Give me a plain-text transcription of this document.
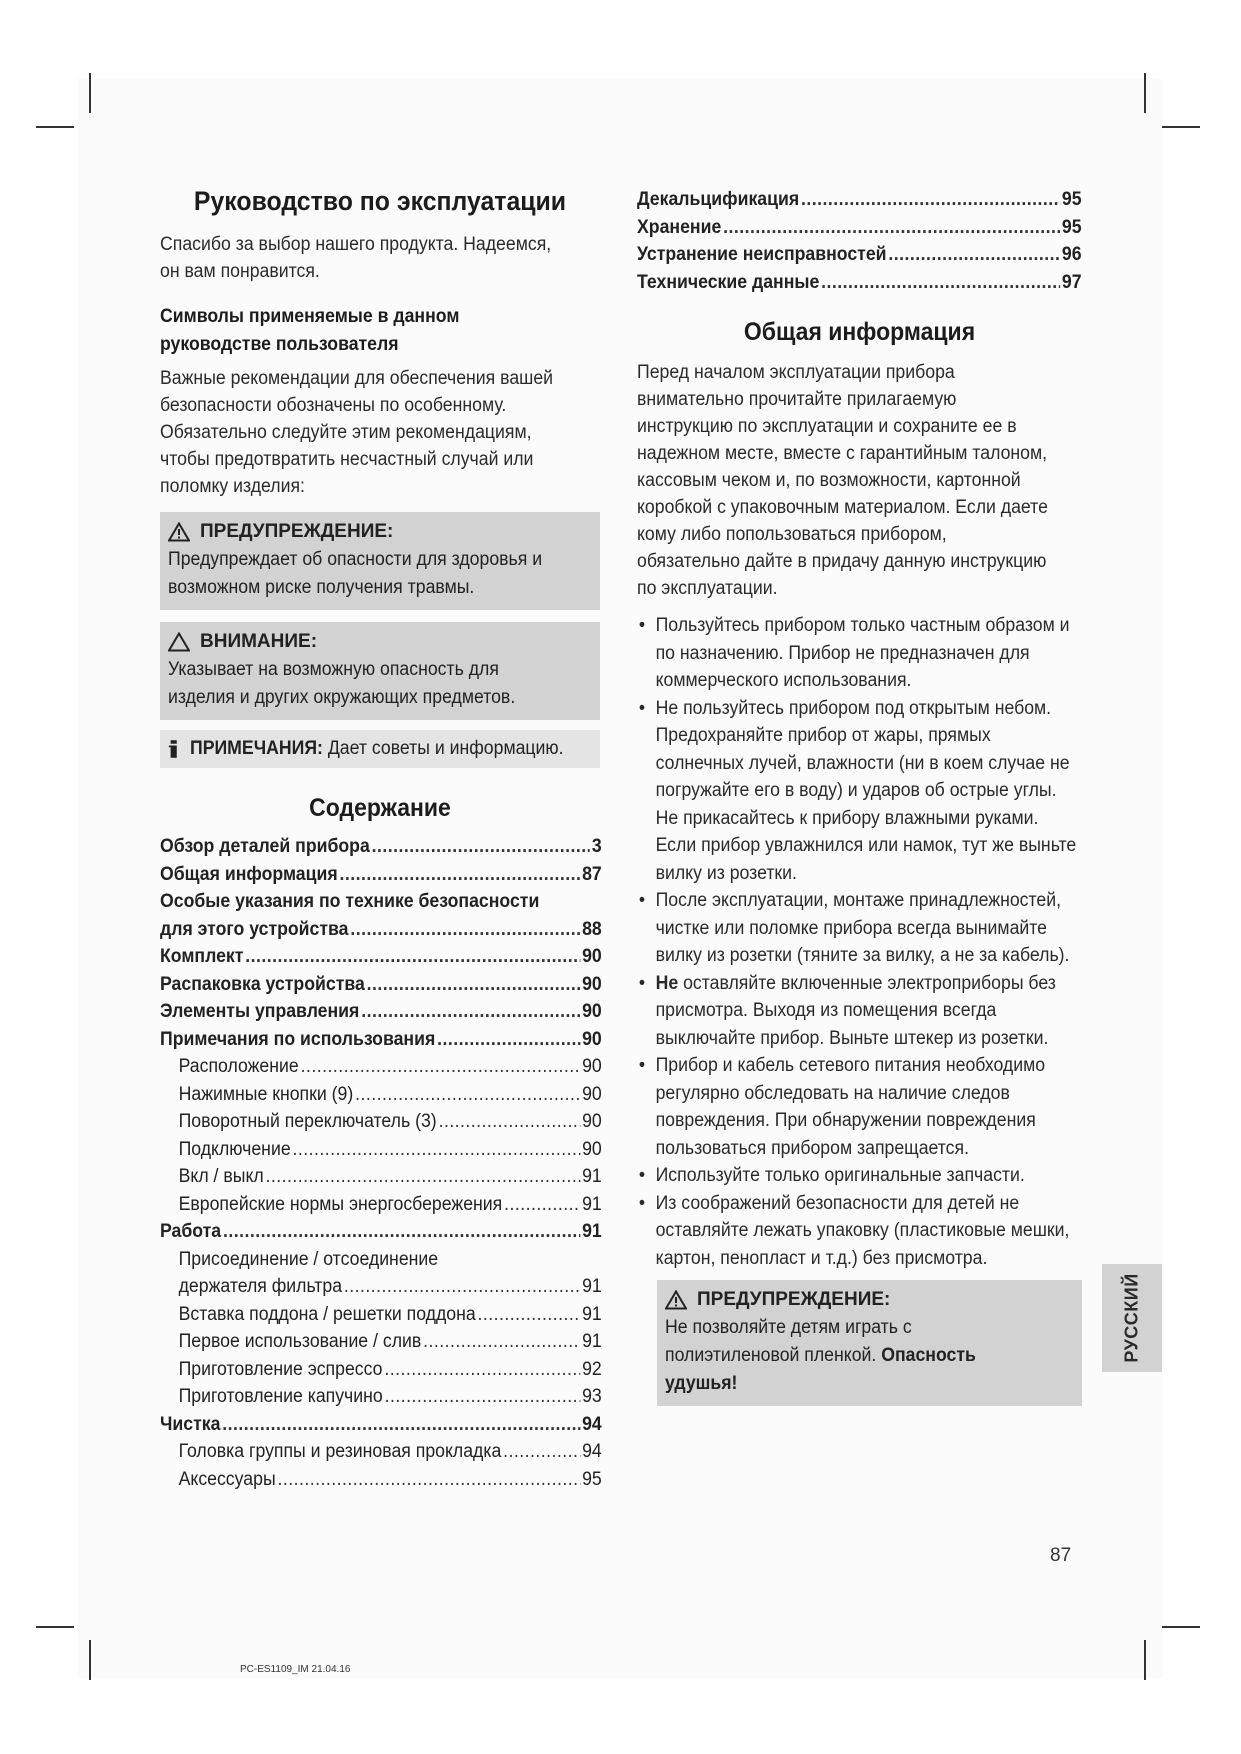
Руководство по эксплуатации

Спасибо за выбор нашего продукта. Надеемся, он вам понравится.

Символы применяемые в данном руководстве пользователя

Важные рекомендации для обеспечения вашей безопасности обозначены по особенному. Обязательно следуйте этим рекомендациям, чтобы предотвратить несчастный случай или поломку изделия:

ПРЕДУПРЕЖДЕНИЕ:
Предупреждает об опасности для здоровья и возможном риске получения травмы.
ВНИМАНИЕ:
Указывает на возможную опасность для изделия и других окружающих предметов.
ПРИМЕЧАНИЯ: Дает советы и информацию.
Содержание
Обзор деталей прибора .....	3
Общая информация .....	87
Особые указания по технике безопасности
для этого устройства .....	88
Комплект .....	90
Распаковка устройства .....	90
Элементы управления .....	90
Примечания по использования .....	90
Расположение .....	90
Нажимные кнопки (9) .....	90
Поворотный переключатель (3) .....	90
Подключение .....	90
Вкл / выкл .....	91
Европейские нормы энергосбережения .....	91
Работа .....	91
Присоединение / отсоединение
держателя фильтра .....	91
Вставка поддона / решетки поддона .....	91
Первое использование / слив .....	91
Приготовление эспрессо .....	92
Приготовление капучино .....	93
Чистка .....	94
Головка группы и резиновая прокладка .....	94
Аксессуары .....	95
Декальцификация .....	95
Хранение .....	95
Устранение неисправностей .....	96
Технические данные .....	97
Общая информация

Перед началом эксплуатации прибора внимательно прочитайте прилагаемую инструкцию по эксплуатации и сохраните ее в надежном месте, вместе с гарантийным талоном, кассовым чеком и, по возможности, картонной коробкой с упаковочным материалом. Если даете кому либо попользоваться прибором, обязательно дайте в придачу данную инструкцию по эксплуатации.

• Пользуйтесь прибором только частным образом и по назначению. Прибор не предназначен для коммерческого использования.
• Не пользуйтесь прибором под открытым небом. Предохраняйте прибор от жары, прямых солнечных лучей, влажности (ни в коем случае не погружайте его в воду) и ударов об острые углы. Не прикасайтесь к прибору влажными руками. Если прибор увлажнился или намок, тут же выньте вилку из розетки.
• После эксплуатации, монтаже принадлежностей, чистке или поломке прибора всегда вынимайте вилку из розетки (тяните за вилку, а не за кабель).
• Не оставляйте включенные электроприборы без присмотра. Выходя из помещения всегда выключайте прибор. Выньте штекер из розетки.
• Прибор и кабель сетевого питания необходимо регулярно обследовать на наличие следов повреждения. При обнаружении повреждения пользоваться прибором запрещается.
• Используйте только оригинальные запчасти.
• Из соображений безопасности для детей не оставляйте лежать упаковку (пластиковые мешки, картон, пенопласт и т.д.) без присмотра.
ПРЕДУПРЕЖДЕНИЕ:
Не позволяйте детям играть с полиэтиленовой пленкой. Опасность удушья!
РУССКИЙ
87
PC-ES1109_IM 21.04.16
